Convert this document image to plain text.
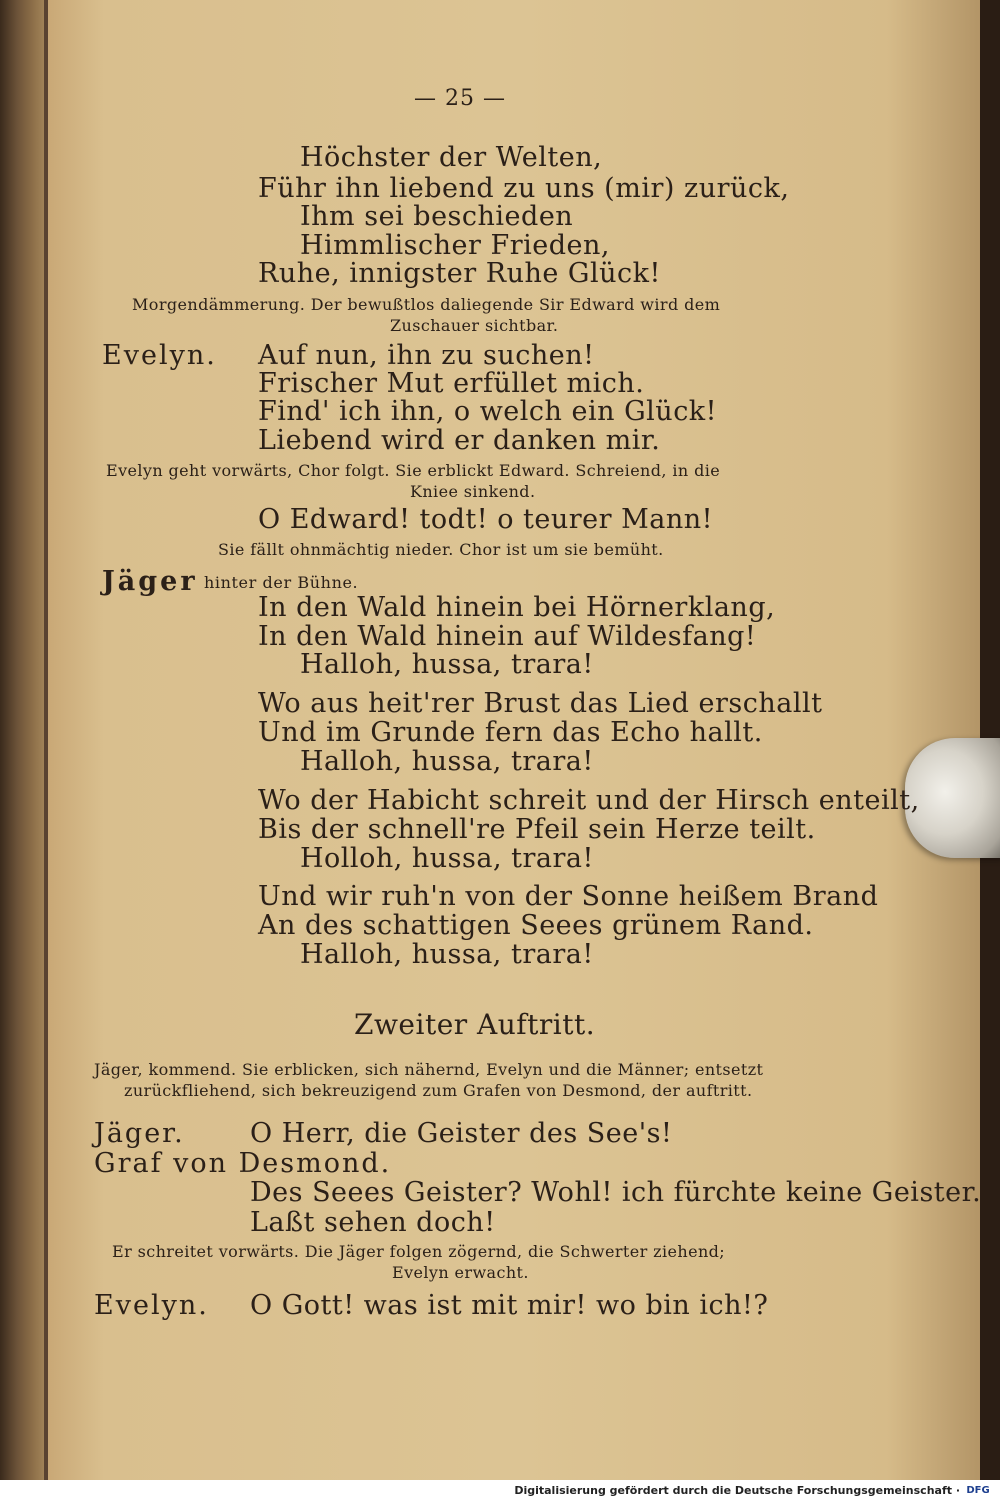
— 25 —
Höchster der Welten,
Führ ihn liebend zu uns (mir) zurück,
Ihm sei beschieden
Himmlischer Frieden,
Ruhe, innigster Ruhe Glück!
Morgendämmerung. Der bewußtlos daliegende Sir Edward wird dem
Zuschauer sichtbar.
Evelyn. Auf nun, ihn zu suchen!
Frischer Mut erfüllet mich.
Find' ich ihn, o welch ein Glück!
Liebend wird er danken mir.
Evelyn geht vorwärts, Chor folgt. Sie erblickt Edward. Schreiend, in die
Kniee sinkend.
O Edward! todt! o teurer Mann!
Sie fällt ohnmächtig nieder. Chor ist um sie bemüht.
Jäger hinter der Bühne.
In den Wald hinein bei Hörnerklang,
In den Wald hinein auf Wildesfang!
Halloh, hussa, trara!
Wo aus heit'rer Brust das Lied erschallt
Und im Grunde fern das Echo hallt.
Halloh, hussa, trara!
Wo der Habicht schreit und der Hirsch enteilt,
Bis der schnell're Pfeil sein Herze teilt.
Holloh, hussa, trara!
Und wir ruh'n von der Sonne heißem Brand
An des schattigen Seees grünem Rand.
Halloh, hussa, trara!
Zweiter Auftritt.
Jäger, kommend. Sie erblicken, sich nähernd, Evelyn und die Männer; entsetzt
zurückfliehend, sich bekreuzigend zum Grafen von Desmond, der auftritt.
Jäger. O Herr, die Geister des See's!
Graf von Desmond.
Des Seees Geister? Wohl! ich fürchte keine Geister.
Laßt sehen doch!
Er schreitet vorwärts. Die Jäger folgen zögernd, die Schwerter ziehend;
Evelyn erwacht.
Evelyn. O Gott! was ist mit mir! wo bin ich!?
Digitalisierung gefördert durch die Deutsche Forschungsgemeinschaft · DFG
